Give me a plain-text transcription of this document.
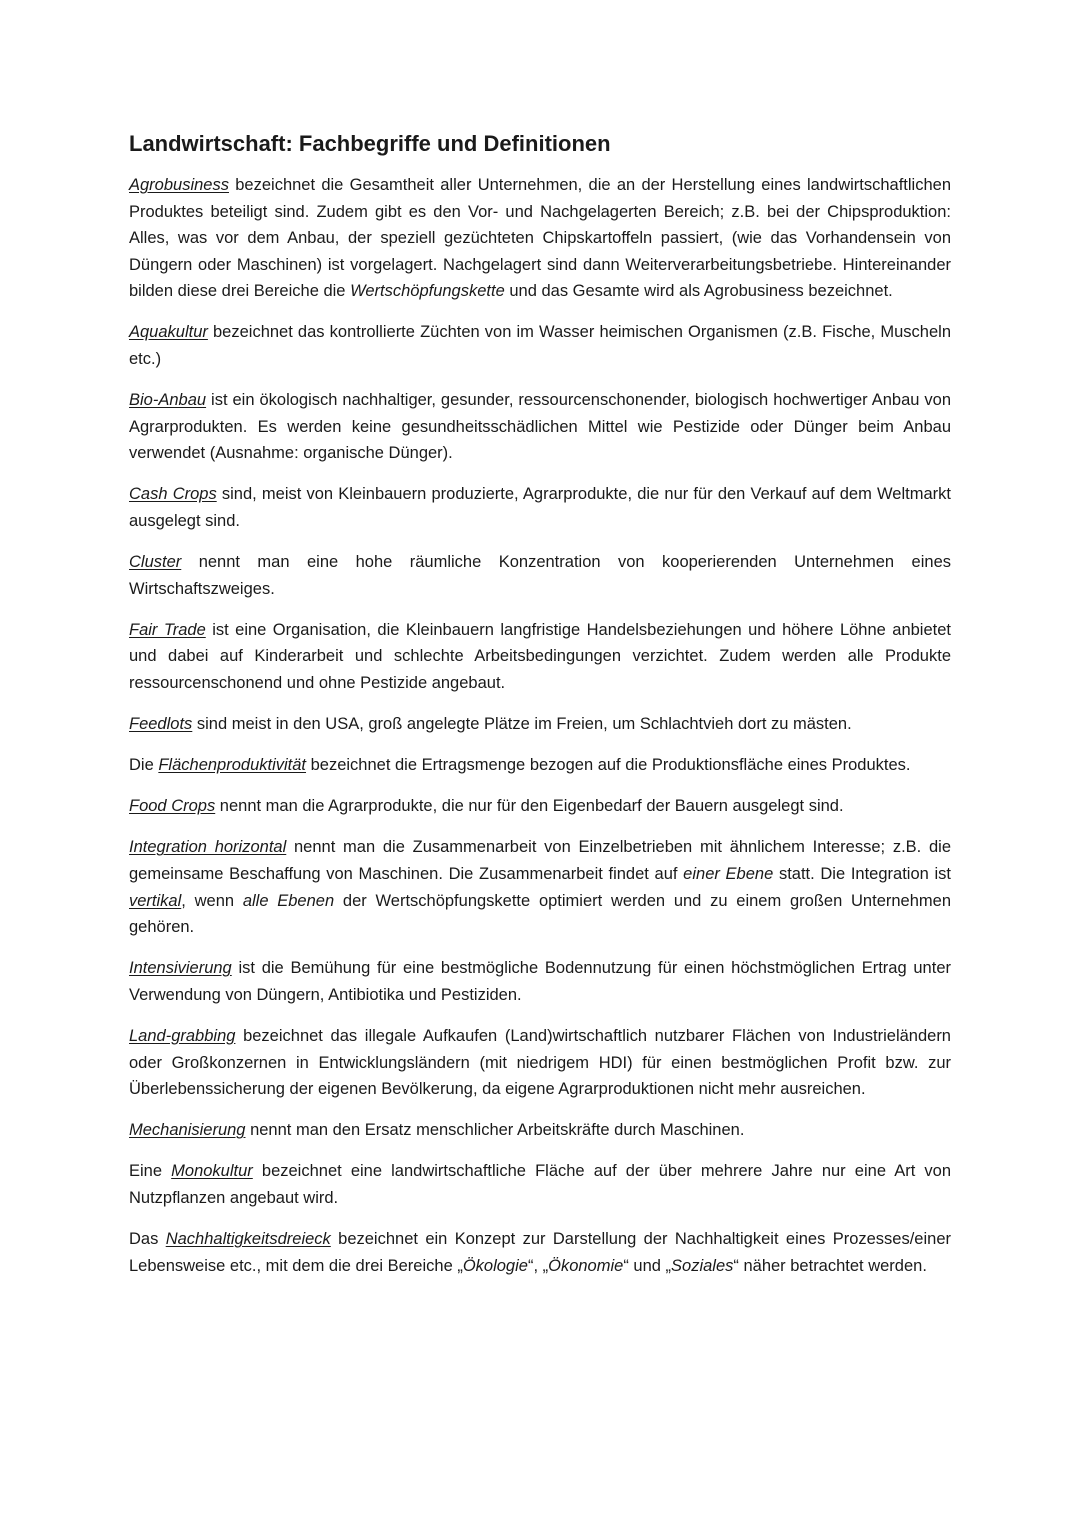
Landwirtschaft: Fachbegriffe und Definitionen

Agrobusiness bezeichnet die Gesamtheit aller Unternehmen, die an der Herstellung eines landwirtschaftlichen Produktes beteiligt sind. Zudem gibt es den Vor- und Nachgelagerten Bereich; z.B. bei der Chipsproduktion: Alles, was vor dem Anbau, der speziell gezüchteten Chipskartoffeln passiert, (wie das Vorhandensein von Düngern oder Maschinen) ist vorgelagert. Nachgelagert sind dann Weiterverarbeitungsbetriebe. Hintereinander bilden diese drei Bereiche die Wertschöpfungskette und das Gesamte wird als Agrobusiness bezeichnet.

Aquakultur bezeichnet das kontrollierte Züchten von im Wasser heimischen Organismen (z.B. Fische, Muscheln etc.)

Bio-Anbau ist ein ökologisch nachhaltiger, gesunder, ressourcenschonender, biologisch hochwertiger Anbau von Agrarprodukten. Es werden keine gesundheitsschädlichen Mittel wie Pestizide oder Dünger beim Anbau verwendet (Ausnahme: organische Dünger).

Cash Crops sind, meist von Kleinbauern produzierte, Agrarprodukte, die nur für den Verkauf auf dem Weltmarkt ausgelegt sind.

Cluster nennt man eine hohe räumliche Konzentration von kooperierenden Unternehmen eines Wirtschaftszweiges.

Fair Trade ist eine Organisation, die Kleinbauern langfristige Handelsbeziehungen und höhere Löhne anbietet und dabei auf Kinderarbeit und schlechte Arbeitsbedingungen verzichtet. Zudem werden alle Produkte ressourcenschonend und ohne Pestizide angebaut.

Feedlots sind meist in den USA, groß angelegte Plätze im Freien, um Schlachtvieh dort zu mästen.

Die Flächenproduktivität bezeichnet die Ertragsmenge bezogen auf die Produktionsfläche eines Produktes.

Food Crops nennt man die Agrarprodukte, die nur für den Eigenbedarf der Bauern ausgelegt sind.

Integration horizontal nennt man die Zusammenarbeit von Einzelbetrieben mit ähnlichem Interesse; z.B. die gemeinsame Beschaffung von Maschinen. Die Zusammenarbeit findet auf einer Ebene statt. Die Integration ist vertikal, wenn alle Ebenen der Wertschöpfungskette optimiert werden und zu einem großen Unternehmen gehören.

Intensivierung ist die Bemühung für eine bestmögliche Bodennutzung für einen höchstmöglichen Ertrag unter Verwendung von Düngern, Antibiotika und Pestiziden.

Land-grabbing bezeichnet das illegale Aufkaufen (Land)wirtschaftlich nutzbarer Flächen von Industrieländern oder Großkonzernen in Entwicklungsländern (mit niedrigem HDI) für einen bestmöglichen Profit bzw. zur Überlebenssicherung der eigenen Bevölkerung, da eigene Agrarproduktionen nicht mehr ausreichen.

Mechanisierung nennt man den Ersatz menschlicher Arbeitskräfte durch Maschinen.

Eine Monokultur bezeichnet eine landwirtschaftliche Fläche auf der über mehrere Jahre nur eine Art von Nutzpflanzen angebaut wird.

Das Nachhaltigkeitsdreieck bezeichnet ein Konzept zur Darstellung der Nachhaltigkeit eines Prozesses/einer Lebensweise etc., mit dem die drei Bereiche „Ökologie“, „Ökonomie“ und „Soziales“ näher betrachtet werden.
